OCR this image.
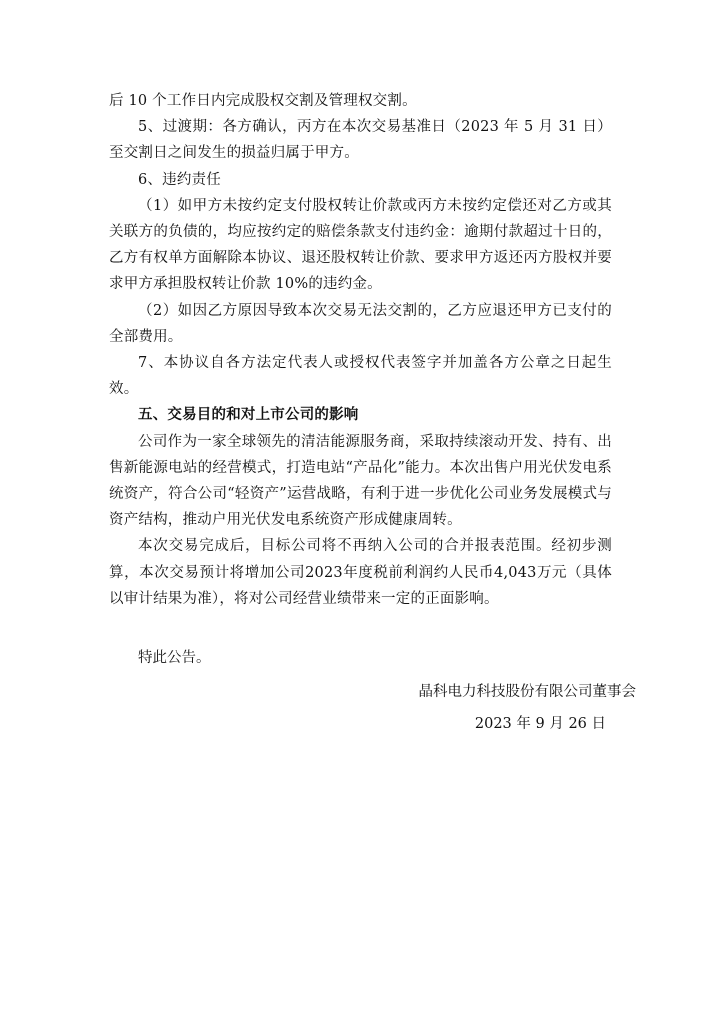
后 10 个工作日内完成股权交割及管理权交割。

5、过渡期：各方确认，丙方在本次交易基准日（2023 年 5 月 31 日）至交割日之间发生的损益归属于甲方。

6、违约责任

（1）如甲方未按约定支付股权转让价款或丙方未按约定偿还对乙方或其关联方的负债的，均应按约定的赔偿条款支付违约金：逾期付款超过十日的，乙方有权单方面解除本协议、退还股权转让价款、要求甲方返还丙方股权并要求甲方承担股权转让价款 10%的违约金。

（2）如因乙方原因导致本次交易无法交割的，乙方应退还甲方已支付的全部费用。

7、本协议自各方法定代表人或授权代表签字并加盖各方公章之日起生效。

五、交易目的和对上市公司的影响

公司作为一家全球领先的清洁能源服务商，采取持续滚动开发、持有、出售新能源电站的经营模式，打造电站“产品化”能力。本次出售户用光伏发电系统资产，符合公司“轻资产”运营战略，有利于进一步优化公司业务发展模式与资产结构，推动户用光伏发电系统资产形成健康周转。

本次交易完成后，目标公司将不再纳入公司的合并报表范围。经初步测算，本次交易预计将增加公司2023年度税前利润约人民币4,043万元（具体以审计结果为准），将对公司经营业绩带来一定的正面影响。

特此公告。
晶科电力科技股份有限公司董事会
2023 年 9 月 26 日
